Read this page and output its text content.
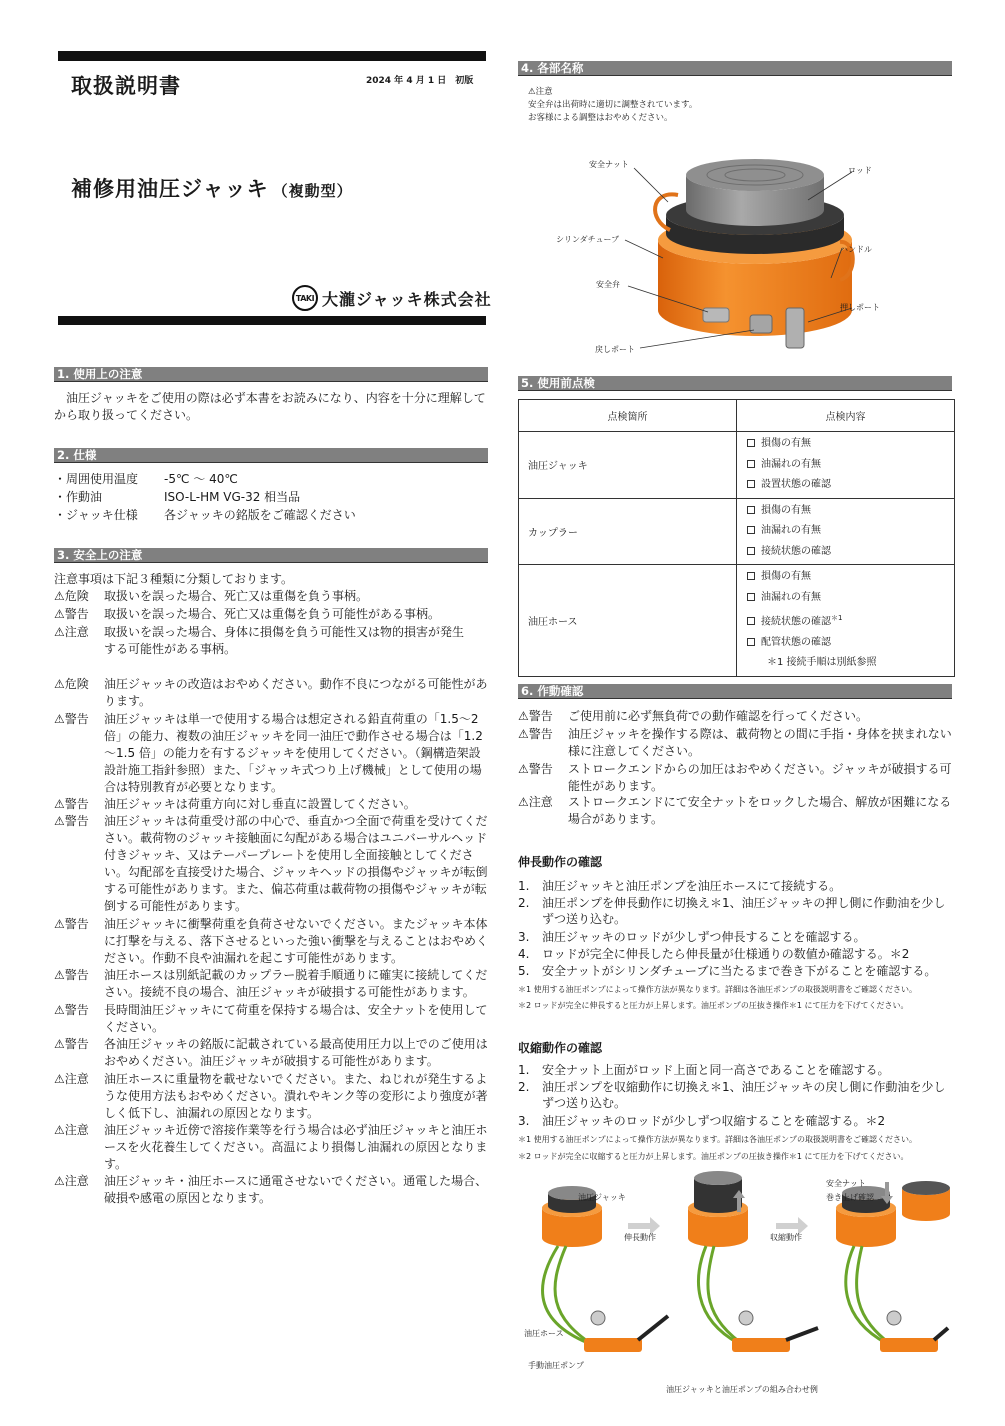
取扱説明書	2024 年 4 月 1 日　初版
補修用油圧ジャッキ （複動型）
TAKI 大瀧ジャッキ株式会社
1. 使用上の注意
　油圧ジャッキをご使用の際は必ず本書をお読みになり、内容を十分に理解してから取り扱ってください。
2. 仕様
・周囲使用温度	-5℃ ～ 40℃
・作動油	ISO-L-HM VG-32 相当品
・ジャッキ仕様	各ジャッキの銘版をご確認ください
3. 安全上の注意
注意事項は下記３種類に分類しております。
⚠危険	取扱いを誤った場合、死亡又は重傷を負う事柄。
⚠警告	取扱いを誤った場合、死亡又は重傷を負う可能性がある事柄。
⚠注意	取扱いを誤った場合、身体に損傷を負う可能性又は物的損害が発生する可能性がある事柄。
⚠危険	油圧ジャッキの改造はおやめください。動作不良につながる可能性があります。
⚠警告	油圧ジャッキは単一で使用する場合は想定される鉛直荷重の「1.5～2 倍」の能力、複数の油圧ジャッキを同一油圧で動作させる場合は「1.2～1.5 倍」の能力を有するジャッキを使用してください。（鋼構造架設設計施工指針参照）また、「ジャッキ式つり上げ機械」として使用の場合は特別教育が必要となります。
⚠警告	油圧ジャッキは荷重方向に対し垂直に設置してください。
⚠警告	油圧ジャッキは荷重受け部の中心で、垂直かつ全面で荷重を受けてください。載荷物のジャッキ接触面に勾配がある場合はユニバーサルヘッド付きジャッキ、又はテーパープレートを使用し全面接触としてください。勾配部を直接受けた場合、ジャッキヘッドの損傷やジャッキが転倒する可能性があります。また、偏芯荷重は載荷物の損傷やジャッキが転倒する可能性があります。
⚠警告	油圧ジャッキに衝撃荷重を負荷させないでください。またジャッキ本体に打撃を与える、落下させるといった強い衝撃を与えることはおやめください。作動不良や油漏れを起こす可能性があります。
⚠警告	油圧ホースは別紙記載のカップラー脱着手順通りに確実に接続してください。接続不良の場合、油圧ジャッキが破損する可能性があります。
⚠警告	長時間油圧ジャッキにて荷重を保持する場合は、安全ナットを使用してください。
⚠警告	各油圧ジャッキの銘版に記載されている最高使用圧力以上でのご使用はおやめください。油圧ジャッキが破損する可能性があります。
⚠注意	油圧ホースに重量物を載せないでください。また、ねじれが発生するような使用方法もおやめください。潰れやキンク等の変形により強度が著しく低下し、油漏れの原因となります。
⚠注意	油圧ジャッキ近傍で溶接作業等を行う場合は必ず油圧ジャッキと油圧ホースを火花養生してください。高温により損傷し油漏れの原因となります。
⚠注意	油圧ジャッキ・油圧ホースに通電させないでください。通電した場合、破損や感電の原因となります。
4. 各部名称
⚠注意
安全弁は出荷時に適切に調整されています。
お客様による調整はおやめください。
安全ナット
ロッド
シリンダチューブ
ハンドル
安全弁
押しポート
戻しポート
5. 使用前点検
点検箇所	点検内容
油圧ジャッキ	損傷の有無
油漏れの有無
設置状態の確認

カップラー	損傷の有無
油漏れの有無
接続状態の確認

油圧ホース	損傷の有無
油漏れの有無
接続状態の確認$^{*1}$
配管状態の確認
＊1 接続手順は別紙参照
6. 作動確認
⚠警告	ご使用前に必ず無負荷での動作確認を行ってください。
⚠警告	油圧ジャッキを操作する際は、載荷物との間に手指・身体を挟まれない様に注意してください。
⚠警告	ストロークエンドからの加圧はおやめください。ジャッキが破損する可能性があります。
⚠注意	ストロークエンドにて安全ナットをロックした場合、解放が困難になる場合があります。
伸長動作の確認
1.	油圧ジャッキと油圧ポンプを油圧ホースにて接続する。
2.	油圧ポンプを伸長動作に切換え＊1、油圧ジャッキの押し側に作動油を少しずつ送り込む。
3.	油圧ジャッキのロッドが少しずつ伸長することを確認する。
4.	ロッドが完全に伸長したら伸長量が仕様通りの数値か確認する。＊2
5.	安全ナットがシリンダチューブに当たるまで巻き下がることを確認する。
＊1 使用する油圧ポンプによって操作方法が異なります。詳細は各油圧ポンプの取扱説明書をご確認ください。
＊2 ロッドが完全に伸長すると圧力が上昇します。油圧ポンプの圧抜き操作＊1 にて圧力を下げてください。
収縮動作の確認
1.	安全ナット上面がロッド上面と同一高さであることを確認する。
2.	油圧ポンプを収縮動作に切換え＊1、油圧ジャッキの戻し側に作動油を少しずつ送り込む。
3.	油圧ジャッキのロッドが少しずつ収縮することを確認する。＊2
＊1 使用する油圧ポンプによって操作方法が異なります。詳細は各油圧ポンプの取扱説明書をご確認ください。
＊2 ロッドが完全に収縮すると圧力が上昇します。油圧ポンプの圧抜き操作＊1 にて圧力を下げてください。
油圧ジャッキ
伸長動作	収縮動作
安全ナット
巻き上げ確認
油圧ホース
手動油圧ポンプ
油圧ジャッキと油圧ポンプの組み合わせ例
